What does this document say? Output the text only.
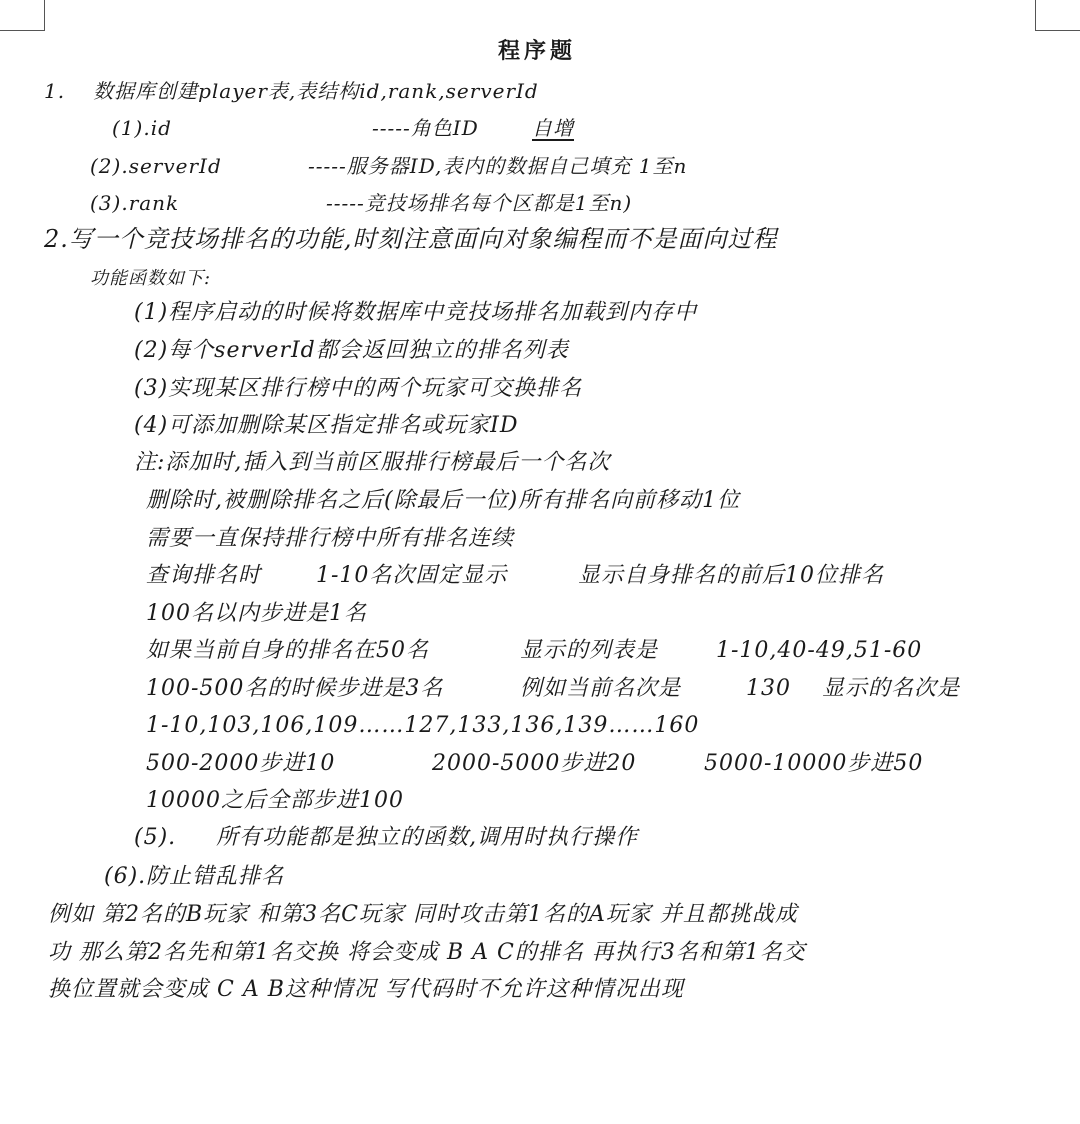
程序题
1. 数据库创建player表,表结构id,rank,serverId
(1).id	-----角色ID	自增
(2).serverId	-----服务器ID,表内的数据自己填充 1至n
(3).rank	-----竞技场排名每个区都是1至n)
2.写一个竞技场排名的功能,时刻注意面向对象编程而不是面向过程
功能函数如下:
(1)程序启动的时候将数据库中竞技场排名加载到内存中
(2)每个serverId都会返回独立的排名列表
(3)实现某区排行榜中的两个玩家可交换排名
(4)可添加删除某区指定排名或玩家ID
注:添加时,插入到当前区服排行榜最后一个名次
删除时,被删除排名之后(除最后一位)所有排名向前移动1位
需要一直保持排行榜中所有排名连续
查询排名时 1-10名次固定显示	显示自身排名的前后10位排名
100名以内步进是1名
如果当前自身的排名在50名	显示的列表是	1-10,40-49,51-60
100-500名的时候步进是3名	例如当前名次是	130 显示的名次是
1-10,103,106,109……127,133,136,139……160
500-2000步进10	2000-5000步进20	5000-10000步进50
10000之后全部步进100
(5). 所有功能都是独立的函数,调用时执行操作
(6).防止错乱排名
例如 第2名的B玩家 和第3名C玩家 同时攻击第1名的A玩家 并且都挑战成
功 那么第2名先和第1名交换 将会变成 B A C的排名 再执行3名和第1名交
换位置就会变成 C A B这种情况 写代码时不允许这种情况出现
